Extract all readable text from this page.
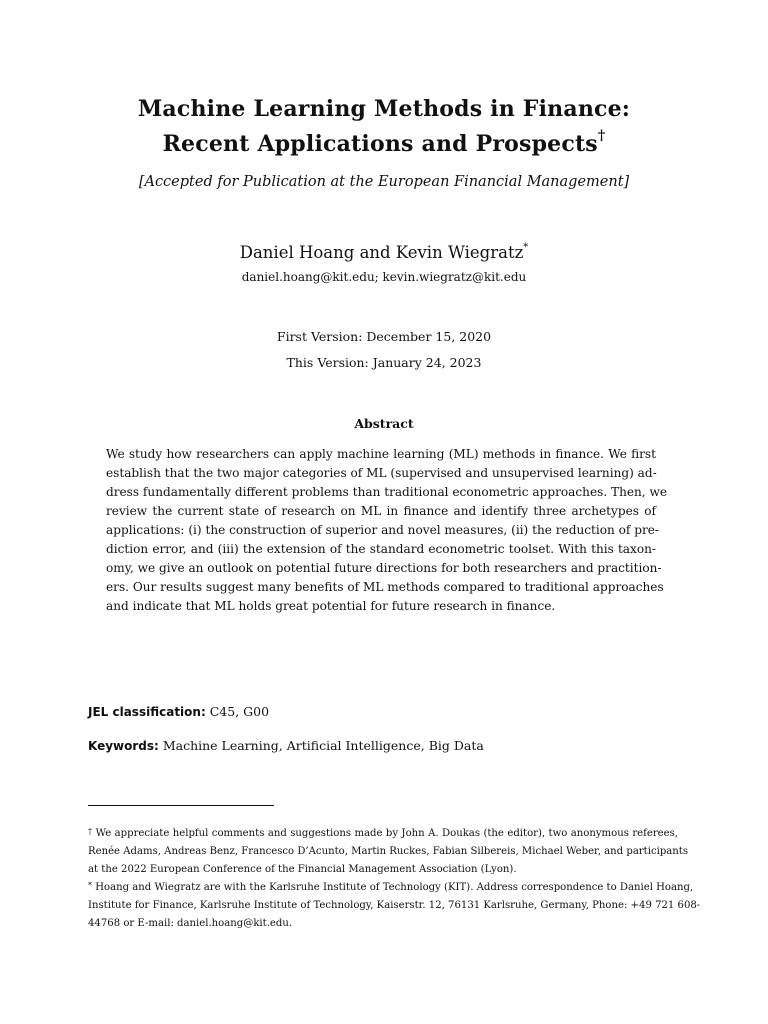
Machine Learning Methods in Finance:
Recent Applications and Prospects†
[Accepted for Publication at the European Financial Management]
Daniel Hoang and Kevin Wiegratz*
daniel.hoang@kit.edu; kevin.wiegratz@kit.edu
First Version: December 15, 2020
This Version: January 24, 2023
Abstract
We study how researchers can apply machine learning (ML) methods in finance. We first
establish that the two major categories of ML (supervised and unsupervised learning) ad-
dress fundamentally different problems than traditional econometric approaches. Then, we
review the current state of research on ML in finance and identify three archetypes of
applications: (i) the construction of superior and novel measures, (ii) the reduction of pre-
diction error, and (iii) the extension of the standard econometric toolset. With this taxon-
omy, we give an outlook on potential future directions for both researchers and practition-
ers. Our results suggest many benefits of ML methods compared to traditional approaches
and indicate that ML holds great potential for future research in finance.
JEL classification: C45, G00
Keywords: Machine Learning, Artificial Intelligence, Big Data
† We appreciate helpful comments and suggestions made by John A. Doukas (the editor), two anonymous referees,
Renée Adams, Andreas Benz, Francesco D’Acunto, Martin Ruckes, Fabian Silbereis, Michael Weber, and participants
at the 2022 European Conference of the Financial Management Association (Lyon).
* Hoang and Wiegratz are with the Karlsruhe Institute of Technology (KIT). Address correspondence to Daniel Hoang,
Institute for Finance, Karlsruhe Institute of Technology, Kaiserstr. 12, 76131 Karlsruhe, Germany, Phone: +49 721 608-
44768 or E-mail: daniel.hoang@kit.edu.
